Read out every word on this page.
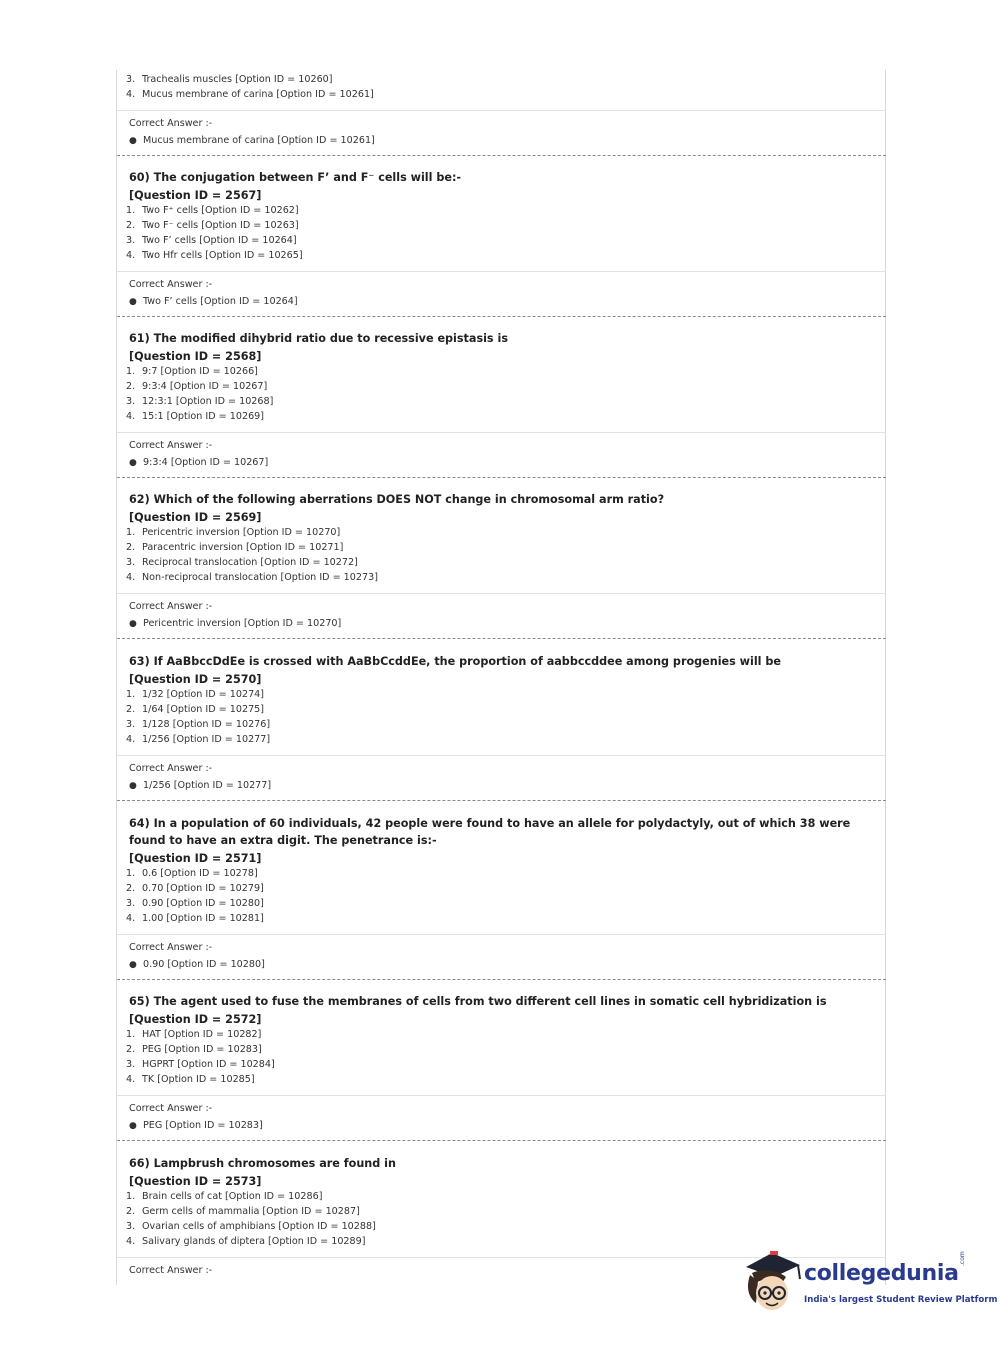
3. Trachealis muscles [Option ID = 10260]
4. Mucus membrane of carina [Option ID = 10261]
Correct Answer :-
● Mucus membrane of carina [Option ID = 10261]
60) The conjugation between F’ and F⁻ cells will be:-
[Question ID = 2567]
1. Two F⁺ cells [Option ID = 10262]
2. Two F⁻ cells [Option ID = 10263]
3. Two F’ cells [Option ID = 10264]
4. Two Hfr cells [Option ID = 10265]
Correct Answer :-
● Two F’ cells [Option ID = 10264]
61) The modified dihybrid ratio due to recessive epistasis is
[Question ID = 2568]
1. 9:7 [Option ID = 10266]
2. 9:3:4 [Option ID = 10267]
3. 12:3:1 [Option ID = 10268]
4. 15:1 [Option ID = 10269]
Correct Answer :-
● 9:3:4 [Option ID = 10267]
62) Which of the following aberrations DOES NOT change in chromosomal arm ratio?
[Question ID = 2569]
1. Pericentric inversion [Option ID = 10270]
2. Paracentric inversion [Option ID = 10271]
3. Reciprocal translocation [Option ID = 10272]
4. Non-reciprocal translocation [Option ID = 10273]
Correct Answer :-
● Pericentric inversion [Option ID = 10270]
63) If AaBbccDdEe is crossed with AaBbCcddEe, the proportion of aabbccddee among progenies will be
[Question ID = 2570]
1. 1/32 [Option ID = 10274]
2. 1/64 [Option ID = 10275]
3. 1/128 [Option ID = 10276]
4. 1/256 [Option ID = 10277]
Correct Answer :-
● 1/256 [Option ID = 10277]
64) In a population of 60 individuals, 42 people were found to have an allele for polydactyly, out of which 38 were found to have an extra digit. The penetrance is:-
[Question ID = 2571]
1. 0.6 [Option ID = 10278]
2. 0.70 [Option ID = 10279]
3. 0.90 [Option ID = 10280]
4. 1.00 [Option ID = 10281]
Correct Answer :-
● 0.90 [Option ID = 10280]
65) The agent used to fuse the membranes of cells from two different cell lines in somatic cell hybridization is
[Question ID = 2572]
1. HAT [Option ID = 10282]
2. PEG [Option ID = 10283]
3. HGPRT [Option ID = 10284]
4. TK [Option ID = 10285]
Correct Answer :-
● PEG [Option ID = 10283]
66) Lampbrush chromosomes are found in
[Question ID = 2573]
1. Brain cells of cat [Option ID = 10286]
2. Germ cells of mammalia [Option ID = 10287]
3. Ovarian cells of amphibians [Option ID = 10288]
4. Salivary glands of diptera [Option ID = 10289]
Correct Answer :-	collegedunia
.com
India's largest Student Review Platform
